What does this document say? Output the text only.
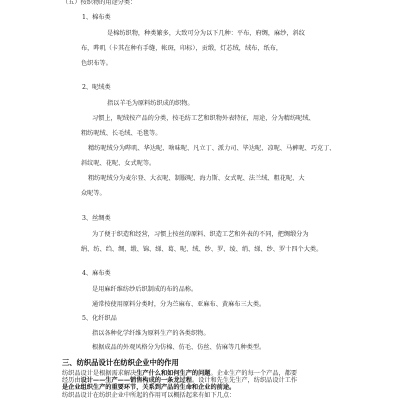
（五）按织物的用途分类：
1、棉布类
是棉纺织物，种类繁多，大致可分为以下几种：平布，府绸，麻纱，斜纹
布，哔叽（卡其在种有手缝，帐斑，印标），贡缎，灯芯绒，绒布，纸布，
色织布等。
2、呢绒类
指以羊毛为原料纺织成的织物。
习惯上，呢绒按产品的分类，按毛纺工艺和织物外表特征，用途，分为精纺呢绒、
粗纺呢绒、长毛绒、毛毯等。
精纺呢绒分为哔叽、华达呢、啥味呢、凡立丁、派力司、毕达呢、凉呢、马裤呢、巧克丁、
斜纹呢、花呢、女式呢等。
粗纺呢绒分为麦尔登、大衣呢、制服呢、海力斯、女式呢、法兰绒、粗花呢、大
众呢等。
3、丝绸类
为了便于织造和经营，习惯上按丝的原料、织造工艺和外表的不同，把绸缎分为
绢、纺、绉、绸、缎、锦、绨、葛、呢、绒、纱、罗、绫、绡、绨、纱、罗十四个大类。
4、麻布类
是用麻纤维纺纱后织制成的布的品称。
通常按使用原料分类时，分为苎麻布、亚麻布、黄麻布三大类。
5、化纤织品
指以各种化学纤维为原料生产的各类织物。
根据成品的外观风格分为仿棉、仿毛、仿丝、仿麻等几种类型。
三、纺织品设计在纺织企业中的作用
纺织品设计是根据需求解决生产什么和如何生产的问题。企业生产的每一个产品，都要
经历由设计——生产——销售构成的一条龙过程。设计和先生先生产，纺织品设计工作
是企业组织生产的重要环节，关系到产品的生命和企业的前途。
纺织品设计在纺织企业中所起的作用可以概括起来有如下几点：
